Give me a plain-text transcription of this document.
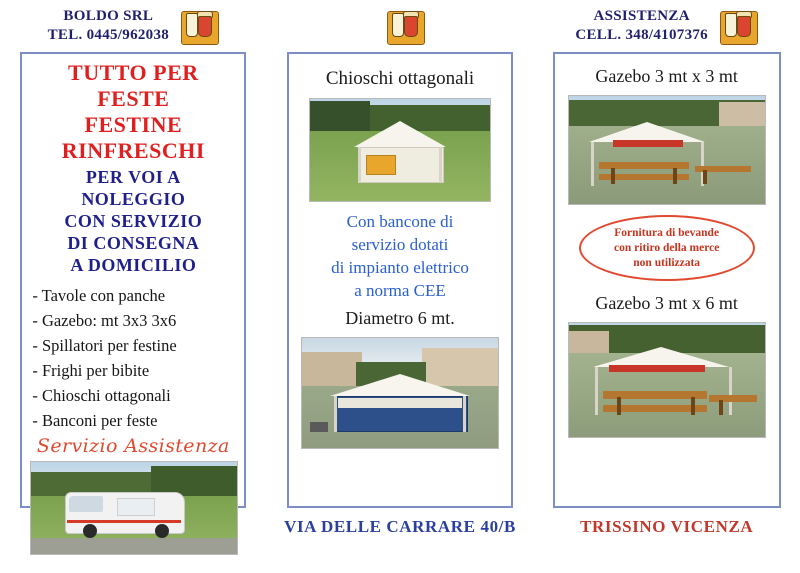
BOLDO SRL
TEL. 0445/962038
TUTTO PER FESTE
FESTINE
RINFRESCHI
PER VOI A
NOLEGGIO
CON SERVIZIO
DI CONSEGNA
A DOMICILIO
- Tavole con panche
- Gazebo: mt 3x3 3x6
- Spillatori per festine
- Frighi per bibite
- Chioschi ottagonali
- Banconi per feste
Servizio Assistenza
Chioschi ottagonali
Con bancone di
servizio dotati
di impianto elettrico
a norma CEE
Diametro 6 mt.
VIA DELLE CARRARE 40/B
ASSISTENZA
CELL. 348/4107376
Gazebo 3 mt x 3 mt
Fornitura di bevande
con ritiro della merce
non utilizzata
Gazebo 3 mt x 6 mt
TRISSINO VICENZA
